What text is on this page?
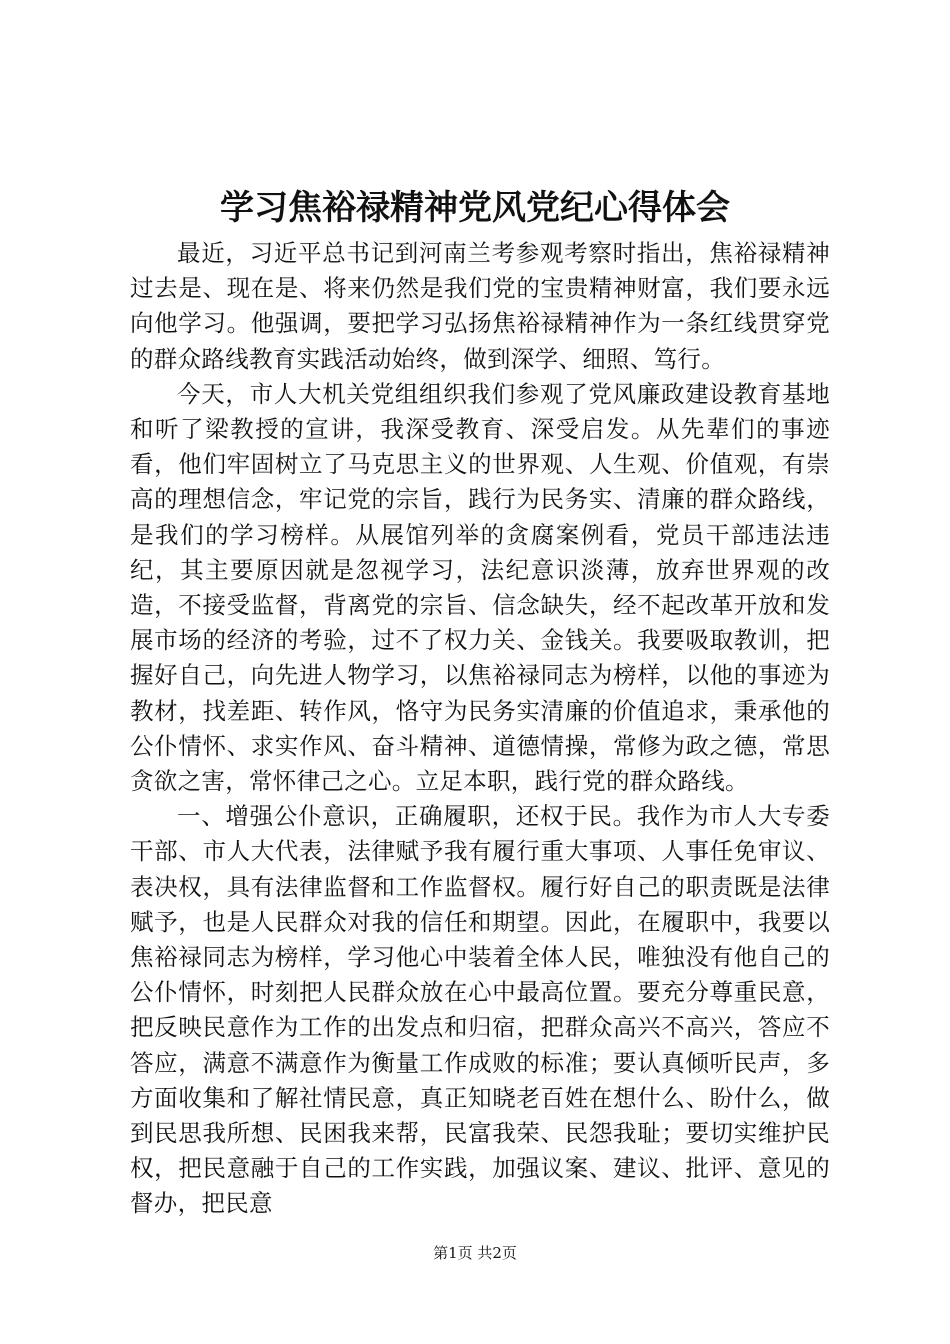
学习焦裕禄精神党风党纪心得体会

最近，习近平总书记到河南兰考参观考察时指出，焦裕禄精神过去是、现在是、将来仍然是我们党的宝贵精神财富，我们要永远向他学习。他强调，要把学习弘扬焦裕禄精神作为一条红线贯穿党的群众路线教育实践活动始终，做到深学、细照、笃行。

今天，市人大机关党组组织我们参观了党风廉政建设教育基地和听了梁教授的宣讲，我深受教育、深受启发。从先辈们的事迹看，他们牢固树立了马克思主义的世界观、人生观、价值观，有崇高的理想信念，牢记党的宗旨，践行为民务实、清廉的群众路线，是我们的学习榜样。从展馆列举的贪腐案例看，党员干部违法违纪，其主要原因就是忽视学习，法纪意识淡薄，放弃世界观的改造，不接受监督，背离党的宗旨、信念缺失，经不起改革开放和发展市场的经济的考验，过不了权力关、金钱关。我要吸取教训，把握好自己，向先进人物学习，以焦裕禄同志为榜样，以他的事迹为教材，找差距、转作风，恪守为民务实清廉的价值追求，秉承他的公仆情怀、求实作风、奋斗精神、道德情操，常修为政之德，常思贪欲之害，常怀律己之心。立足本职，践行党的群众路线。

一、增强公仆意识，正确履职，还权于民。我作为市人大专委干部、市人大代表，法律赋予我有履行重大事项、人事任免审议、表决权，具有法律监督和工作监督权。履行好自己的职责既是法律赋予，也是人民群众对我的信任和期望。因此，在履职中，我要以焦裕禄同志为榜样，学习他心中装着全体人民，唯独没有他自己的公仆情怀，时刻把人民群众放在心中最高位置。要充分尊重民意，把反映民意作为工作的出发点和归宿，把群众高兴不高兴，答应不答应，满意不满意作为衡量工作成败的标准；要认真倾听民声，多方面收集和了解社情民意，真正知晓老百姓在想什么、盼什么，做到民思我所想、民困我来帮，民富我荣、民怨我耻；要切实维护民权，把民意融于自己的工作实践，加强议案、建议、批评、意见的督办，把民意

第1页 共2页
